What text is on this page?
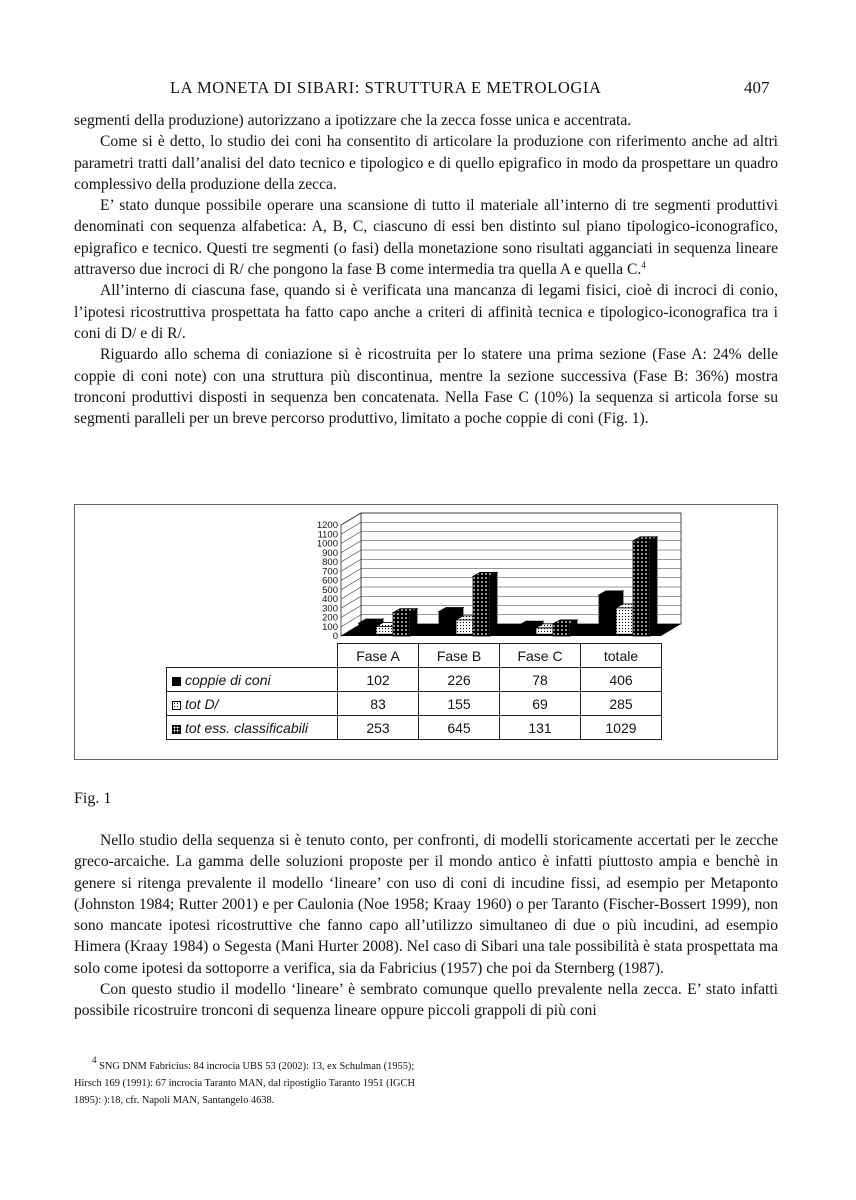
LA MONETA DI SIBARI: STRUTTURA E METROLOGIA	407

segmenti della produzione) autorizzano a ipotizzare che la zecca fosse unica e accentrata.

Come si è detto, lo studio dei coni ha consentito di articolare la produzione con riferimento anche ad altri parametri tratti dall’analisi del dato tecnico e tipologico e di quello epigrafico in modo da prospettare un quadro complessivo della produzione della zecca.

E’ stato dunque possibile operare una scansione di tutto il materiale all’interno di tre segmenti produttivi denominati con sequenza alfabetica: A, B, C, ciascuno di essi ben distinto sul piano tipologico-iconografico, epigrafico e tecnico. Questi tre segmenti (o fasi) della monetazione sono risultati agganciati in sequenza lineare attraverso due incroci di R/ che pongono la fase B come intermedia tra quella A e quella C.$^4$

All’interno di ciascuna fase, quando si è verificata una mancanza di legami fisici, cioè di incroci di conio, l’ipotesi ricostruttiva prospettata ha fatto capo anche a criteri di affinità tecnica e tipologico-iconografica tra i coni di D/ e di R/.

Riguardo allo schema di coniazione si è ricostruita per lo statere una prima sezione (Fase A: 24% delle coppie di coni note) con una struttura più discontinua, mentre la sezione successiva (Fase B: 36%) mostra tronconi produttivi disposti in sequenza ben concatenata. Nella Fase C (10%) la sequenza si articola forse su segmenti paralleli per un breve percorso produttivo, limitato a poche coppie di coni (Fig. 1).

0
100
200
300
400
500
600
700
800
900
1000
1100
1200
	Fase A	Fase B	Fase C	totale
coppie di coni	102	226	78	406
tot D/	83	155	69	285
tot ess. classificabili	253	645	131	1029
Fig. 1

Nello studio della sequenza si è tenuto conto, per confronti, di modelli storicamente accertati per le zecche greco-arcaiche. La gamma delle soluzioni proposte per il mondo antico è infatti piuttosto ampia e benchè in genere si ritenga prevalente il modello ‘lineare’ con uso di coni di incudine fissi, ad esempio per Metaponto (Johnston 1984; Rutter 2001) e per Caulonia (Noe 1958; Kraay 1960) o per Taranto (Fischer-Bossert 1999), non sono mancate ipotesi ricostruttive che fanno capo all’utilizzo simultaneo di due o più incudini, ad esempio Himera (Kraay 1984) o Segesta (Mani Hurter 2008). Nel caso di Sibari una tale possibilità è stata prospettata ma solo come ipotesi da sottoporre a verifica, sia da Fabricius (1957) che poi da Sternberg (1987).

Con questo studio il modello ‘lineare’ è sembrato comunque quello prevalente nella zecca. E’ stato infatti possibile ricostruire tronconi di sequenza lineare oppure piccoli grappoli di più coni

$^4$ SNG DNM Fabricius: 84 incrocia UBS 53 (2002): 13, ex Schulman (1955); Hirsch 169 (1991): 67 incrocia Taranto MAN, dal ripostiglio Taranto 1951 (IGCH 1895): ):18, cfr. Napoli MAN, Santangelo 4638.
